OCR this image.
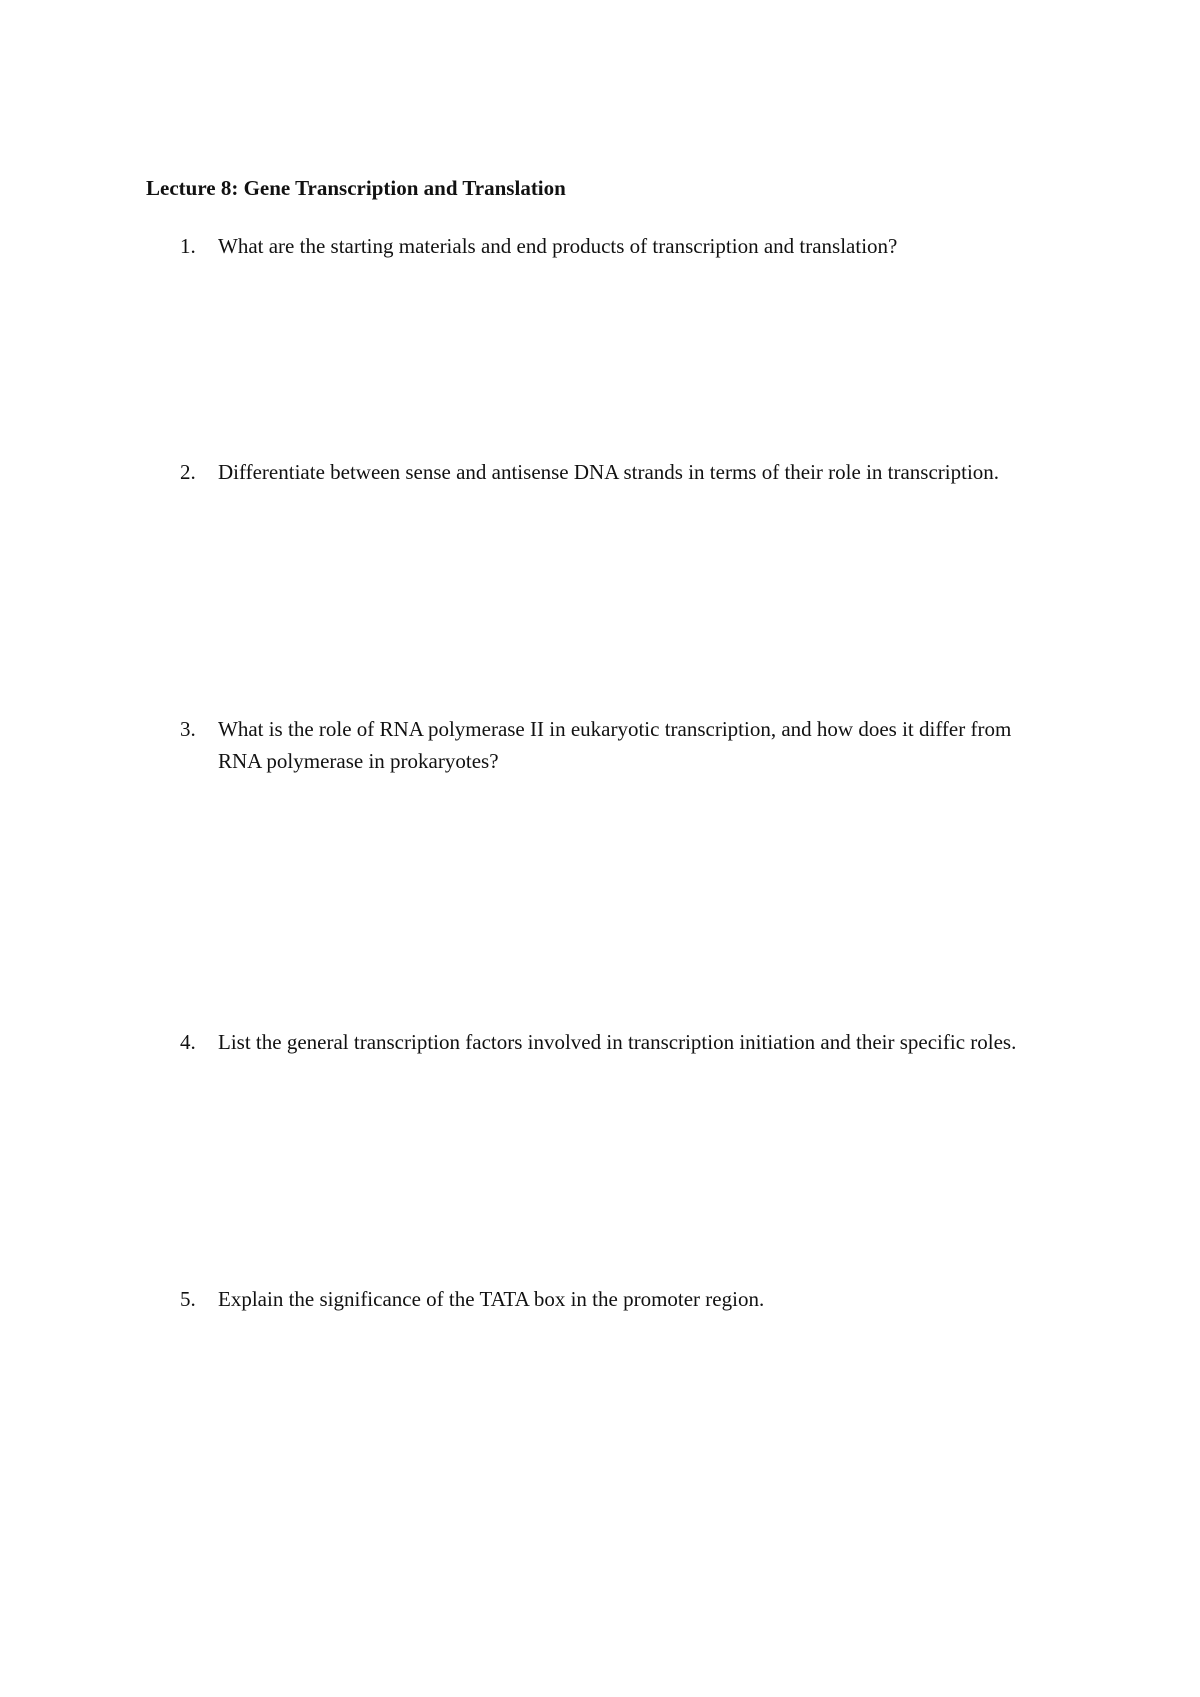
Lecture 8: Gene Transcription and Translation
1.	What are the starting materials and end products of transcription and translation?
2.	Differentiate between sense and antisense DNA strands in terms of their role in transcription.
3.	What is the role of RNA polymerase II in eukaryotic transcription, and how does it differ from RNA polymerase in prokaryotes?
4.	List the general transcription factors involved in transcription initiation and their specific roles.
5.	Explain the significance of the TATA box in the promoter region.
